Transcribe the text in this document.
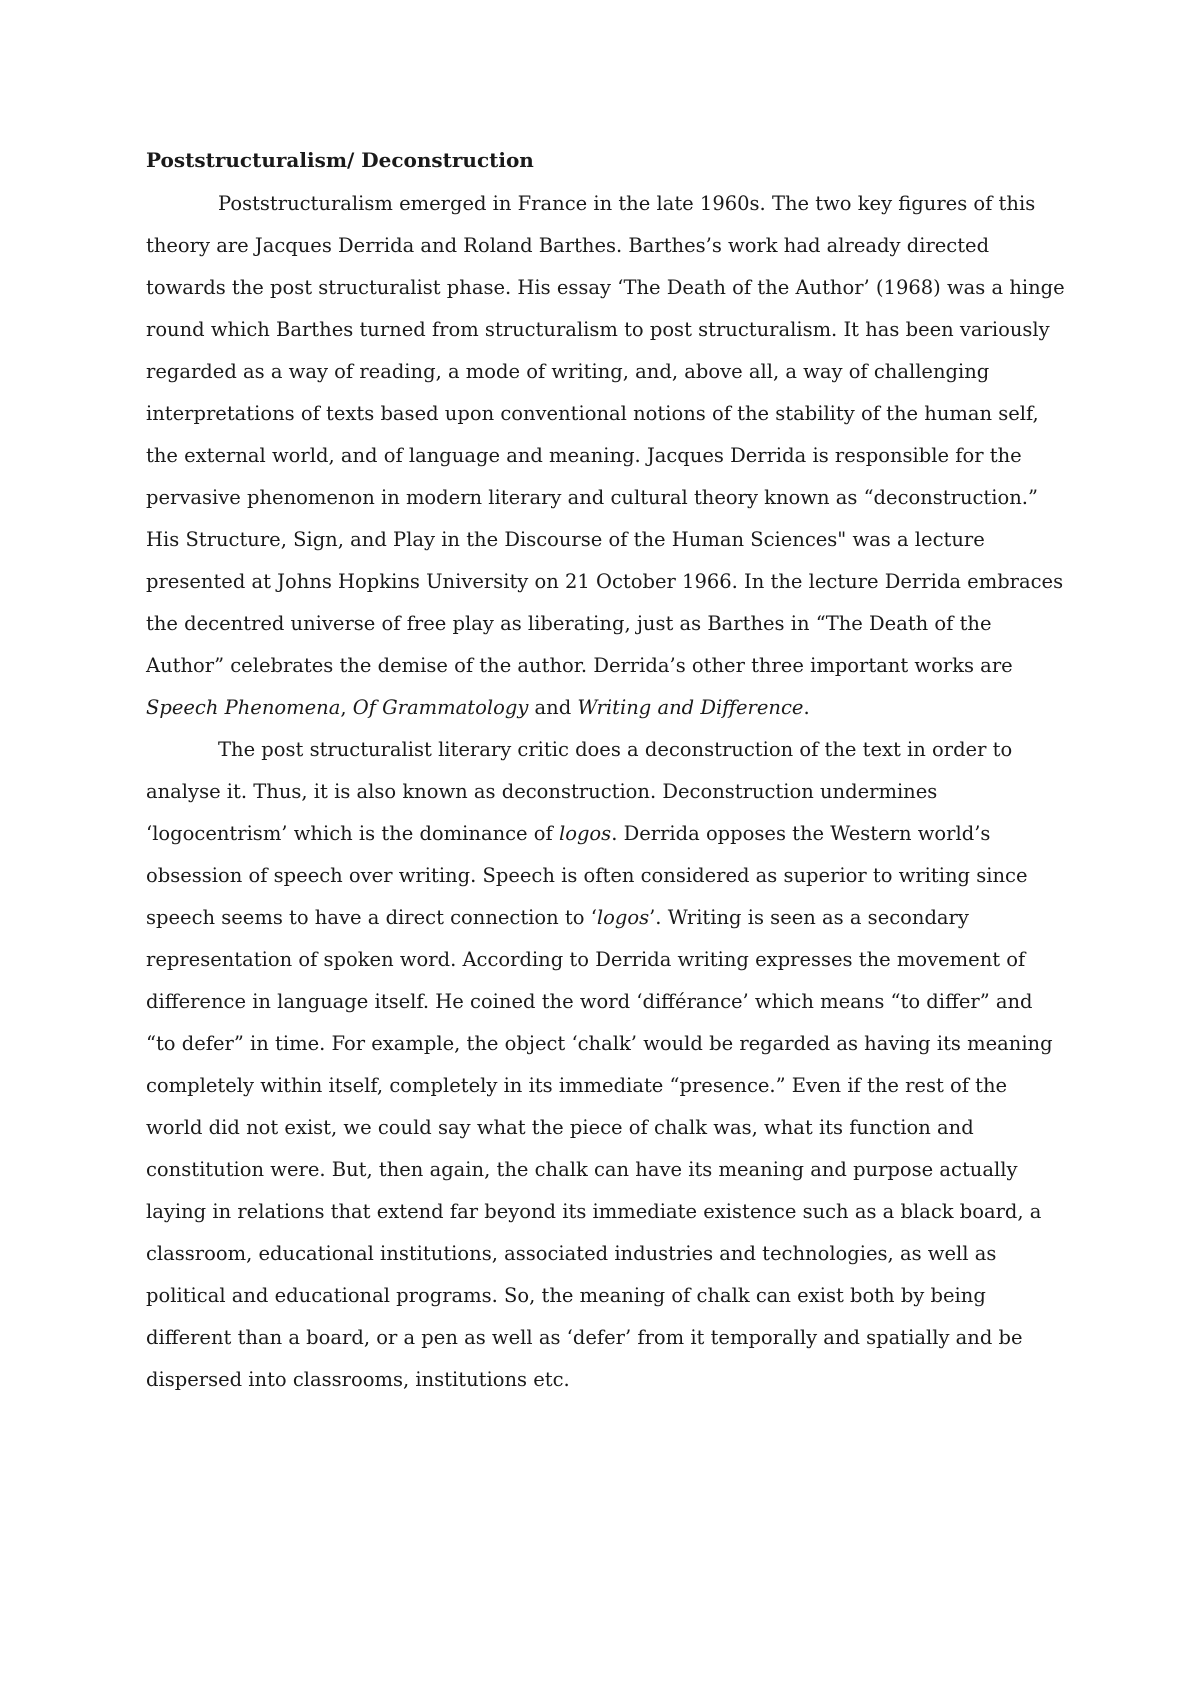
Poststructuralism/ Deconstruction

Poststructuralism emerged in France in the late 1960s. The two key figures of this theory are Jacques Derrida and Roland Barthes. Barthes’s work had already directed towards the post structuralist phase. His essay ‘The Death of the Author’ (1968) was a hinge round which Barthes turned from structuralism to post structuralism. It has been variously regarded as a way of reading, a mode of writing, and, above all, a way of challenging interpretations of texts based upon conventional notions of the stability of the human self, the external world, and of language and meaning. Jacques Derrida is responsible for the pervasive phenomenon in modern literary and cultural theory known as “deconstruction.” His Structure, Sign, and Play in the Discourse of the Human Sciences" was a lecture presented at Johns Hopkins University on 21 October 1966. In the lecture Derrida embraces the decentred universe of free play as liberating, just as Barthes in “The Death of the Author” celebrates the demise of the author. Derrida’s other three important works are Speech Phenomena, Of Grammatology and Writing and Difference.

The post structuralist literary critic does a deconstruction of the text in order to analyse it. Thus, it is also known as deconstruction. Deconstruction undermines ‘logocentrism’ which is the dominance of logos. Derrida opposes the Western world’s obsession of speech over writing. Speech is often considered as superior to writing since speech seems to have a direct connection to ‘logos’. Writing is seen as a secondary representation of spoken word. According to Derrida writing expresses the movement of difference in language itself. He coined the word ‘différance’ which means “to differ” and “to defer” in time. For example, the object ‘chalk’ would be regarded as having its meaning completely within itself, completely in its immediate “presence.” Even if the rest of the world did not exist, we could say what the piece of chalk was, what its function and constitution were. But, then again, the chalk can have its meaning and purpose actually laying in relations that extend far beyond its immediate existence such as a black board, a classroom, educational institutions, associated industries and technologies, as well as political and educational programs. So, the meaning of chalk can exist both by being different than a board, or a pen as well as ‘defer’ from it temporally and spatially and be dispersed into classrooms, institutions etc.
